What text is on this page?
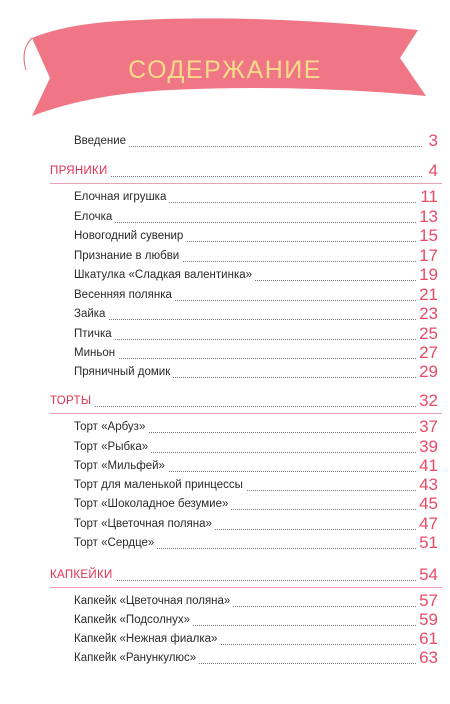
СОДЕРЖАНИЕ
Введение	3
ПРЯНИКИ	4
Елочная игрушка	11
Елочка	13
Новогодний сувенир	15
Признание в любви	17
Шкатулка «Сладкая валентинка»	19
Весенняя полянка	21
Зайка	23
Птичка	25
Миньон	27
Пряничный домик	29
ТОРТЫ	32
Торт «Арбуз»	37
Торт «Рыбка»	39
Торт «Мильфей»	41
Торт для маленькой принцессы	43
Торт «Шоколадное безумие»	45
Торт «Цветочная поляна»	47
Торт «Сердце»	51
КАПКЕЙКИ	54
Капкейк «Цветочная поляна»	57
Капкейк «Подсолнух»	59
Капкейк «Нежная фиалка»	61
Капкейк «Ранункулюс»	63
